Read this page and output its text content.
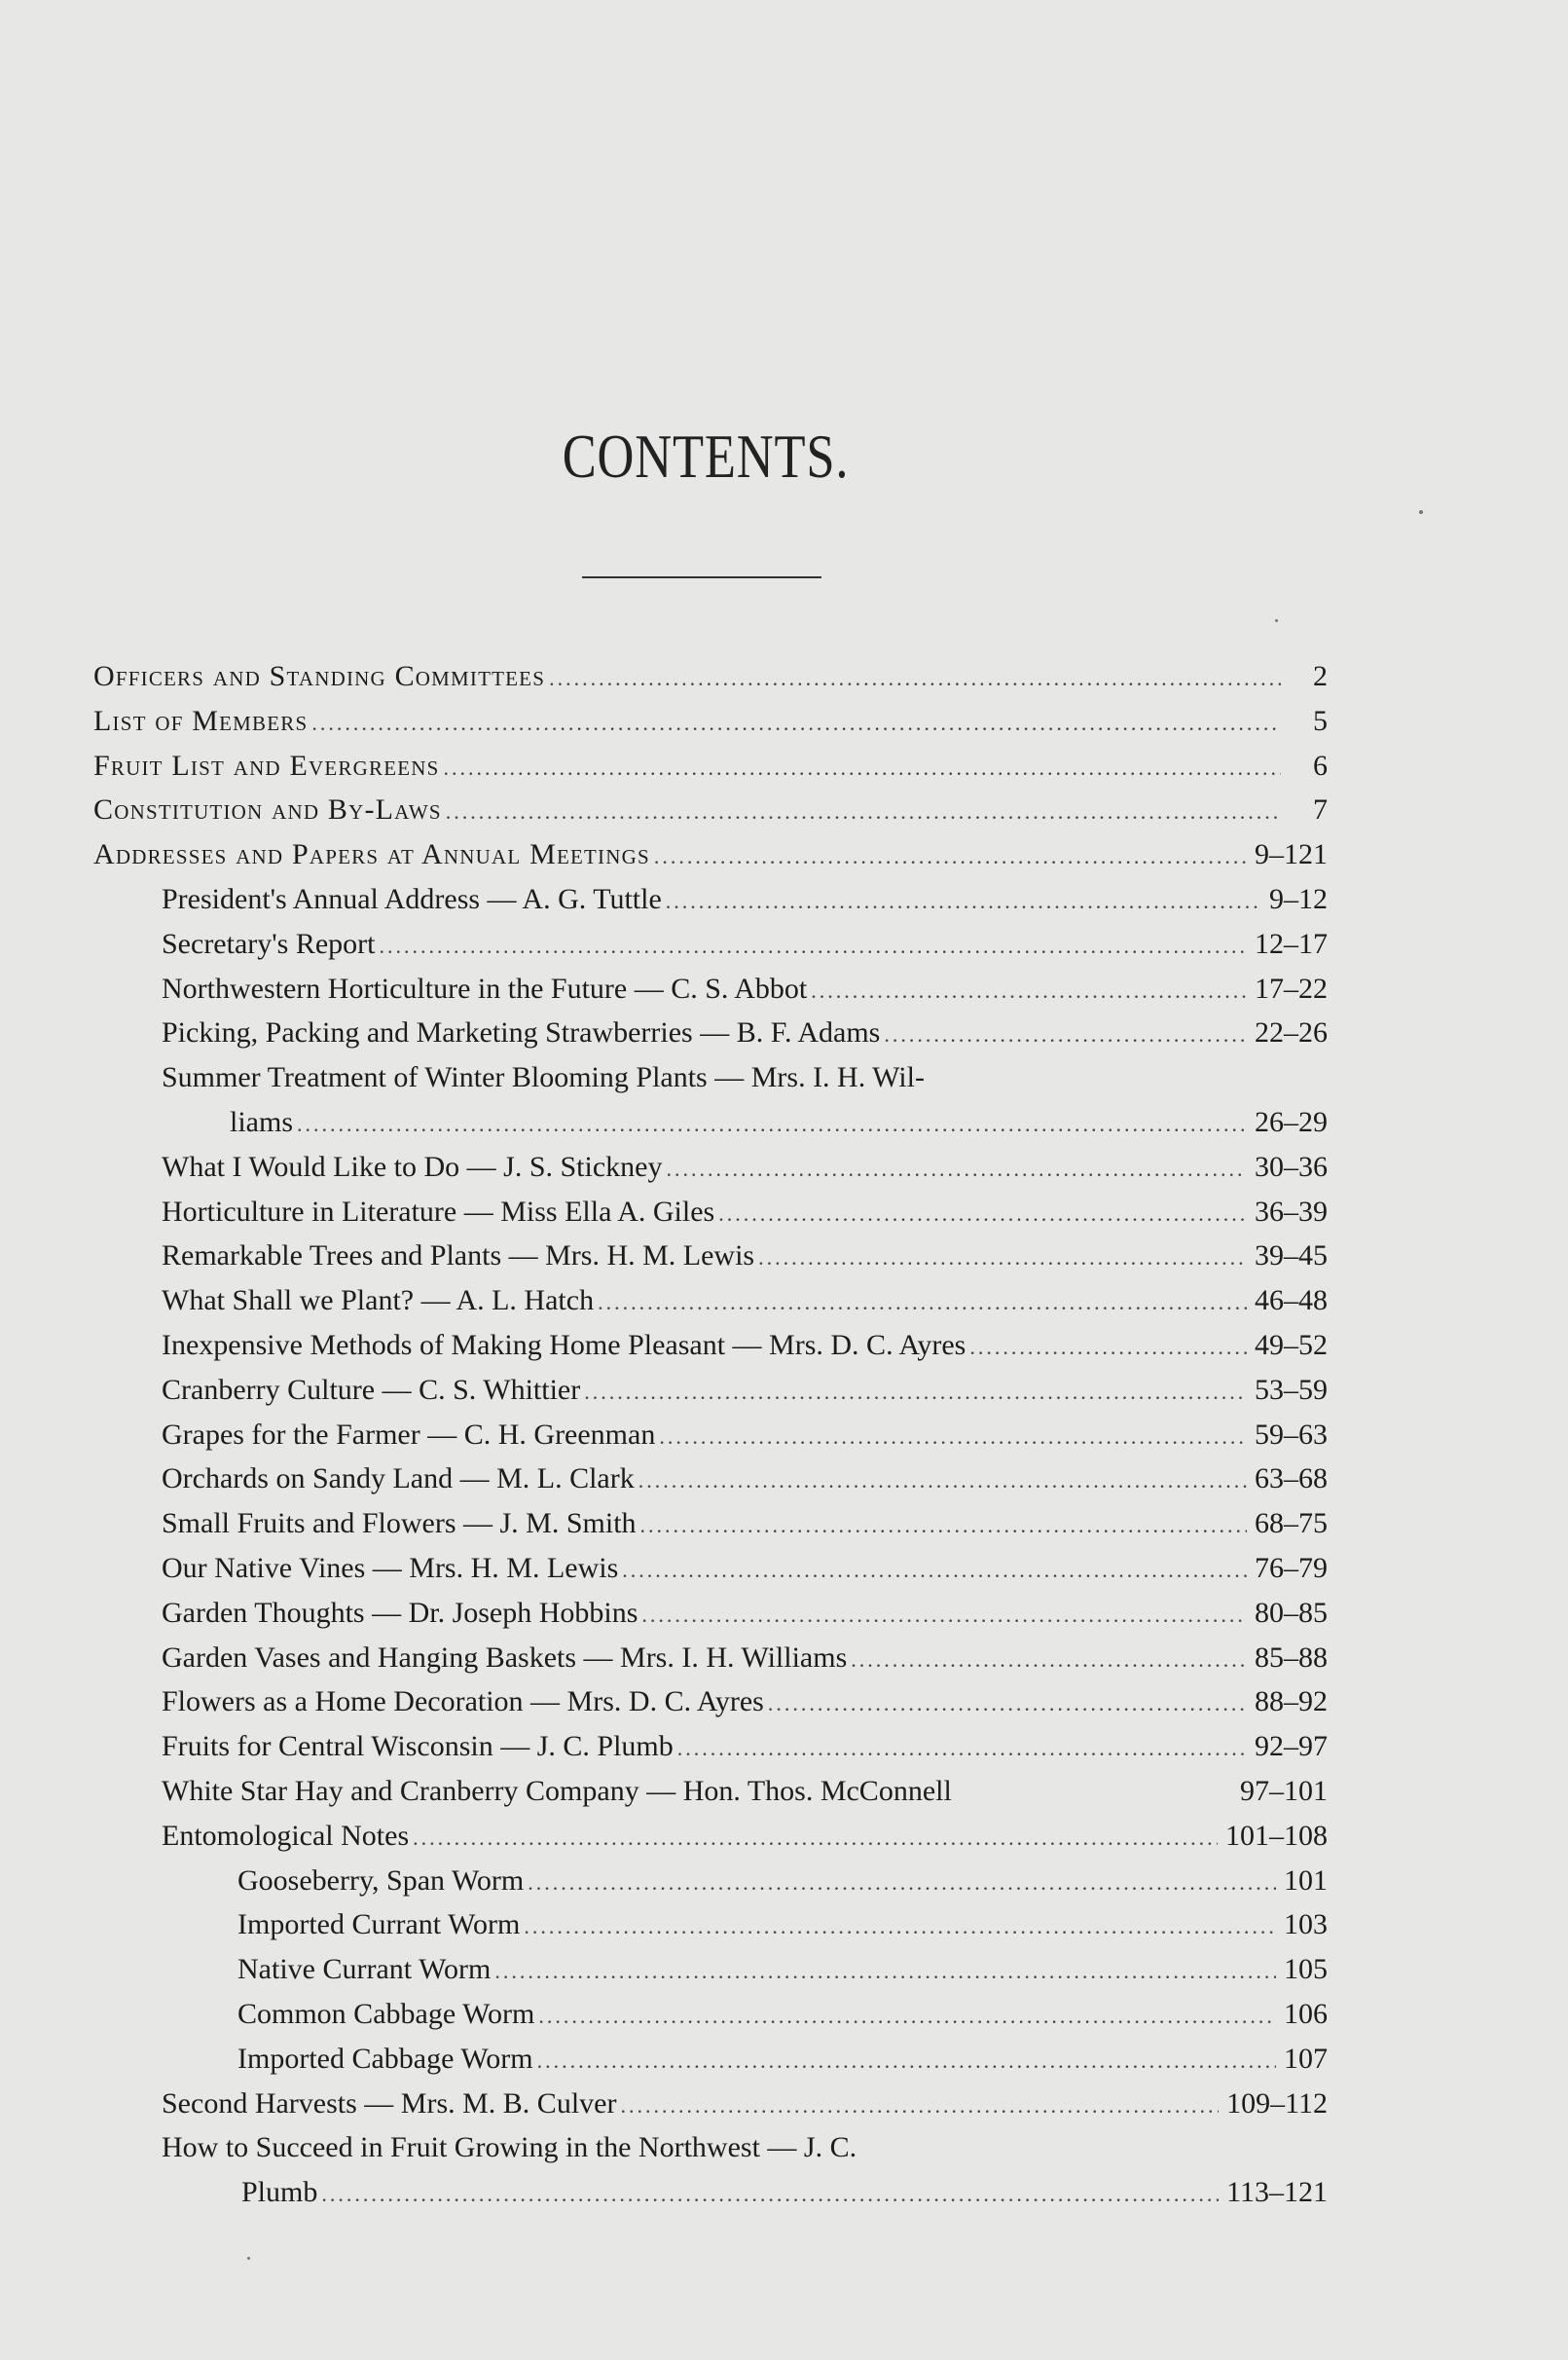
CONTENTS.
Officers and Standing Committees .....	2
List of Members .....	5
Fruit List and Evergreens .....	6
Constitution and By-Laws .....	7
Addresses and Papers at Annual Meetings .....	9–121
President's Annual Address — A. G. Tuttle .....	9–12
Secretary's Report .....	12–17
Northwestern Horticulture in the Future — C. S. Abbot .....	17–22
Picking, Packing and Marketing Strawberries — B. F. Adams .....	22–26
Summer Treatment of Winter Blooming Plants — Mrs. I. H. Wil-
liams .....	26–29
What I Would Like to Do — J. S. Stickney .....	30–36
Horticulture in Literature — Miss Ella A. Giles .....	36–39
Remarkable Trees and Plants — Mrs. H. M. Lewis .....	39–45
What Shall we Plant? — A. L. Hatch .....	46–48
Inexpensive Methods of Making Home Pleasant — Mrs. D. C. Ayres .....	49–52
Cranberry Culture — C. S. Whittier .....	53–59
Grapes for the Farmer — C. H. Greenman .....	59–63
Orchards on Sandy Land — M. L. Clark .....	63–68
Small Fruits and Flowers — J. M. Smith .....	68–75
Our Native Vines — Mrs. H. M. Lewis .....	76–79
Garden Thoughts — Dr. Joseph Hobbins .....	80–85
Garden Vases and Hanging Baskets — Mrs. I. H. Williams .....	85–88
Flowers as a Home Decoration — Mrs. D. C. Ayres .....	88–92
Fruits for Central Wisconsin — J. C. Plumb .....	92–97
White Star Hay and Cranberry Company — Hon. Thos. McConnell	97–101
Entomological Notes .....	101–108
Gooseberry, Span Worm .....	101
Imported Currant Worm .....	103
Native Currant Worm .....	105
Common Cabbage Worm .....	106
Imported Cabbage Worm .....	107
Second Harvests — Mrs. M. B. Culver .....	109–112
How to Succeed in Fruit Growing in the Northwest — J. C.
Plumb .....	113–121
